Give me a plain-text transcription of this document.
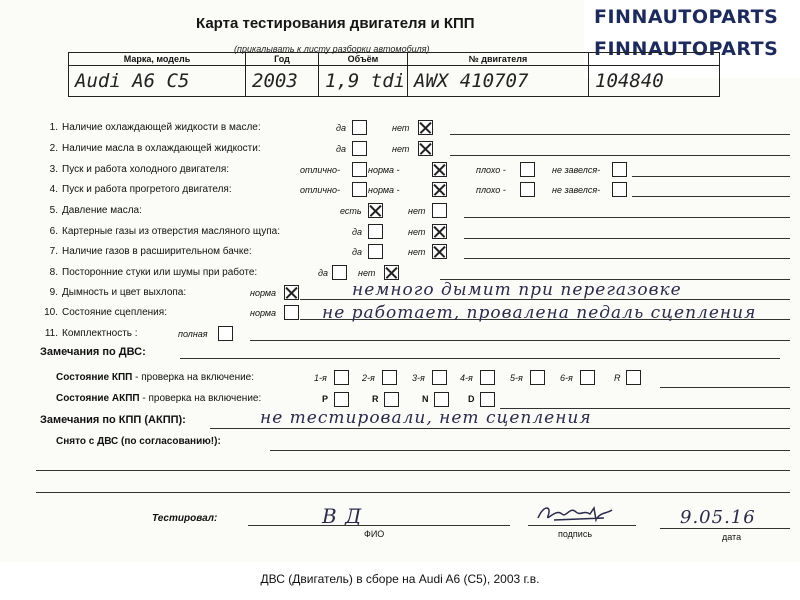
Карта тестирования двигателя и КПП
(прикалывать к листу разборки автомобиля)
FINNAUTOPARTS
FINNAUTOPARTS
Марка, модель	Год	Объём	№ двигателя	
Audi A6 C5	2003	1,9 tdi	AWX 410707	104840
1. Наличие охлаждающей жидкости в масле:	да	нет
2. Наличие масла в охлаждающей жидкости:	да	нет
3. Пуск и работа холодного двигателя:	отлично-	норма -	плохо -	не завелся-
4. Пуск и работа прогретого двигателя:	отлично-	норма -	плохо -	не завелся-
5. Давление масла:	есть	нет
6. Картерные газы из отверстия масляного щупа:	да	нет
7. Наличие газов в расширительном бачке:	да	нет
8. Посторонние стуки или шумы при работе:	да	нет
9. Дымность и цвет выхлопа:	норма
10. Состояние сцепления:	норма
11. Комплектность :	полная
немного дымит при перегазовке
не работает, провалена педаль сцепления
Замечания по ДВС:
Состояние КПП - проверка на включение:	1-я	2-я	3-я	4-я	5-я	6-я	R
Состояние АКПП - проверка на включение:	P	R	N	D
Замечания по КПП (АКПП):	не тестировали, нет сцепления
Снято с ДВС (по согласованию!):
Тестировал:	В Д
ФИО	подпись
9.05.16
дата
ДВС (Двигатель) в сборе на Audi A6 (C5), 2003 г.в.
